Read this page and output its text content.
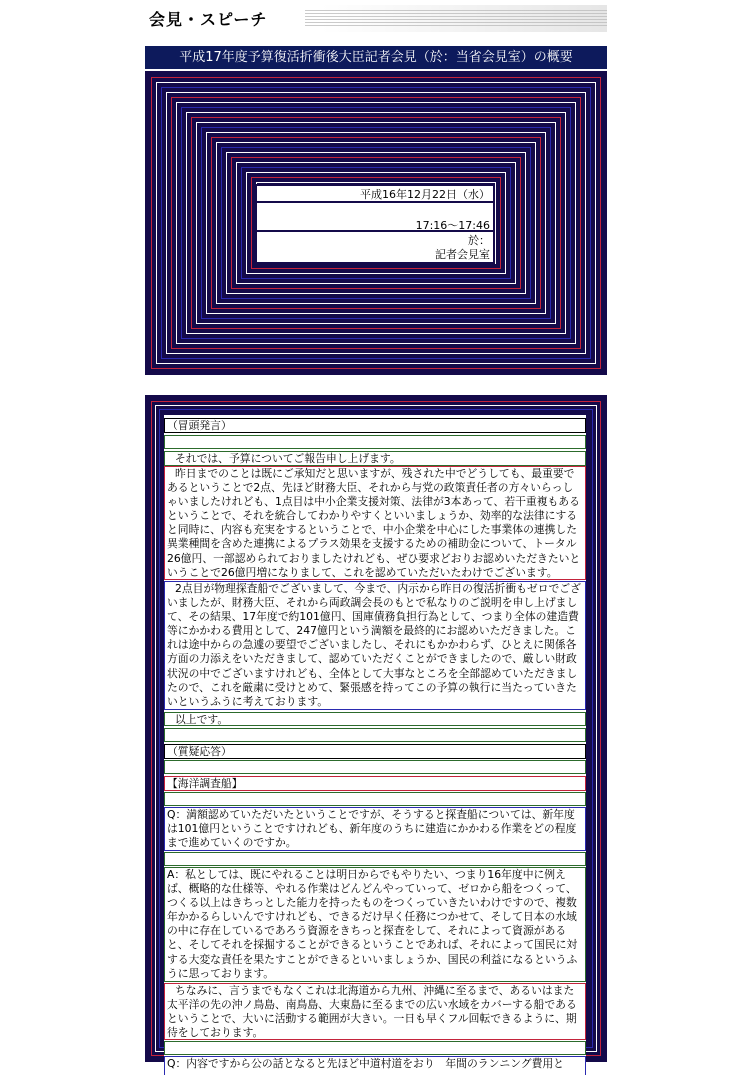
会見・スピーチ
平成17年度予算復活折衝後大臣記者会見（於：当省会見室）の概要
平成16年12月22日（水）
17:16～17:46
於：
記者会見室
（冒頭発言）
それでは、予算についてご報告申し上げます。
昨日までのことは既にご承知だと思いますが、残された中でどうしても、最重要であるということで2点、先ほど財務大臣、それから与党の政策責任者の方々いらっしゃいましたけれども、1点目は中小企業支援対策、法律が3本あって、若干重複もあるということで、それを統合してわかりやすくといいましょうか、効率的な法律にすると同時に、内容も充実をするということで、中小企業を中心にした事業体の連携した異業種間を含めた連携によるプラス効果を支援するための補助金について、トータル26億円、一部認められておりましたけれども、ぜひ要求どおりお認めいただきたいということで26億円増になりまして、これを認めていただいたわけでございます。
2点目が物理探査船でございまして、今まで、内示から昨日の復活折衝もゼロでございましたが、財務大臣、それから両政調会長のもとで私なりのご説明を申し上げまして、その結果、17年度で約101億円、国庫債務負担行為として、つまり全体の建造費等にかかわる費用として、247億円という満額を最終的にお認めいただきました。これは途中からの急遽の要望でございましたし、それにもかかわらず、ひとえに関係各方面の力添えをいただきまして、認めていただくことができましたので、厳しい財政状況の中でございますけれども、全体として大事なところを全部認めていただきましたので、これを厳粛に受けとめて、緊張感を持ってこの予算の執行に当たっていきたいというふうに考えております。
以上です。
（質疑応答）
【海洋調査船】
Q：満額認めていただいたということですが、そうすると探査船については、新年度は101億円ということですけれども、新年度のうちに建造にかかわる作業をどの程度まで進めていくのですか。
A：私としては、既にやれることは明日からでもやりたい、つまり16年度中に例えば、概略的な仕様等、やれる作業はどんどんやっていって、ゼロから船をつくって、つくる以上はきちっとした能力を持ったものをつくっていきたいわけですので、複数年かかるらしいんですけれども、できるだけ早く任務につかせて、そして日本の水域の中に存在しているであろう資源をきちっと探査をして、それによって資源があると、そしてそれを採掘することができるということであれば、それによって国民に対する大変な責任を果たすことができるといいましょうか、国民の利益になるというふうに思っております。
ちなみに、言うまでもなくこれは北海道から九州、沖縄に至るまで、あるいはまた太平洋の先の沖ノ鳥島、南鳥島、大東島に至るまでの広い水域をカバーする船であるということで、大いに活動する範囲が大きい。一日も早くフル回転できるように、期待をしております。
Q：内容ですから公の話となると先ほど中道村道をおり　年間のランニング費用と
